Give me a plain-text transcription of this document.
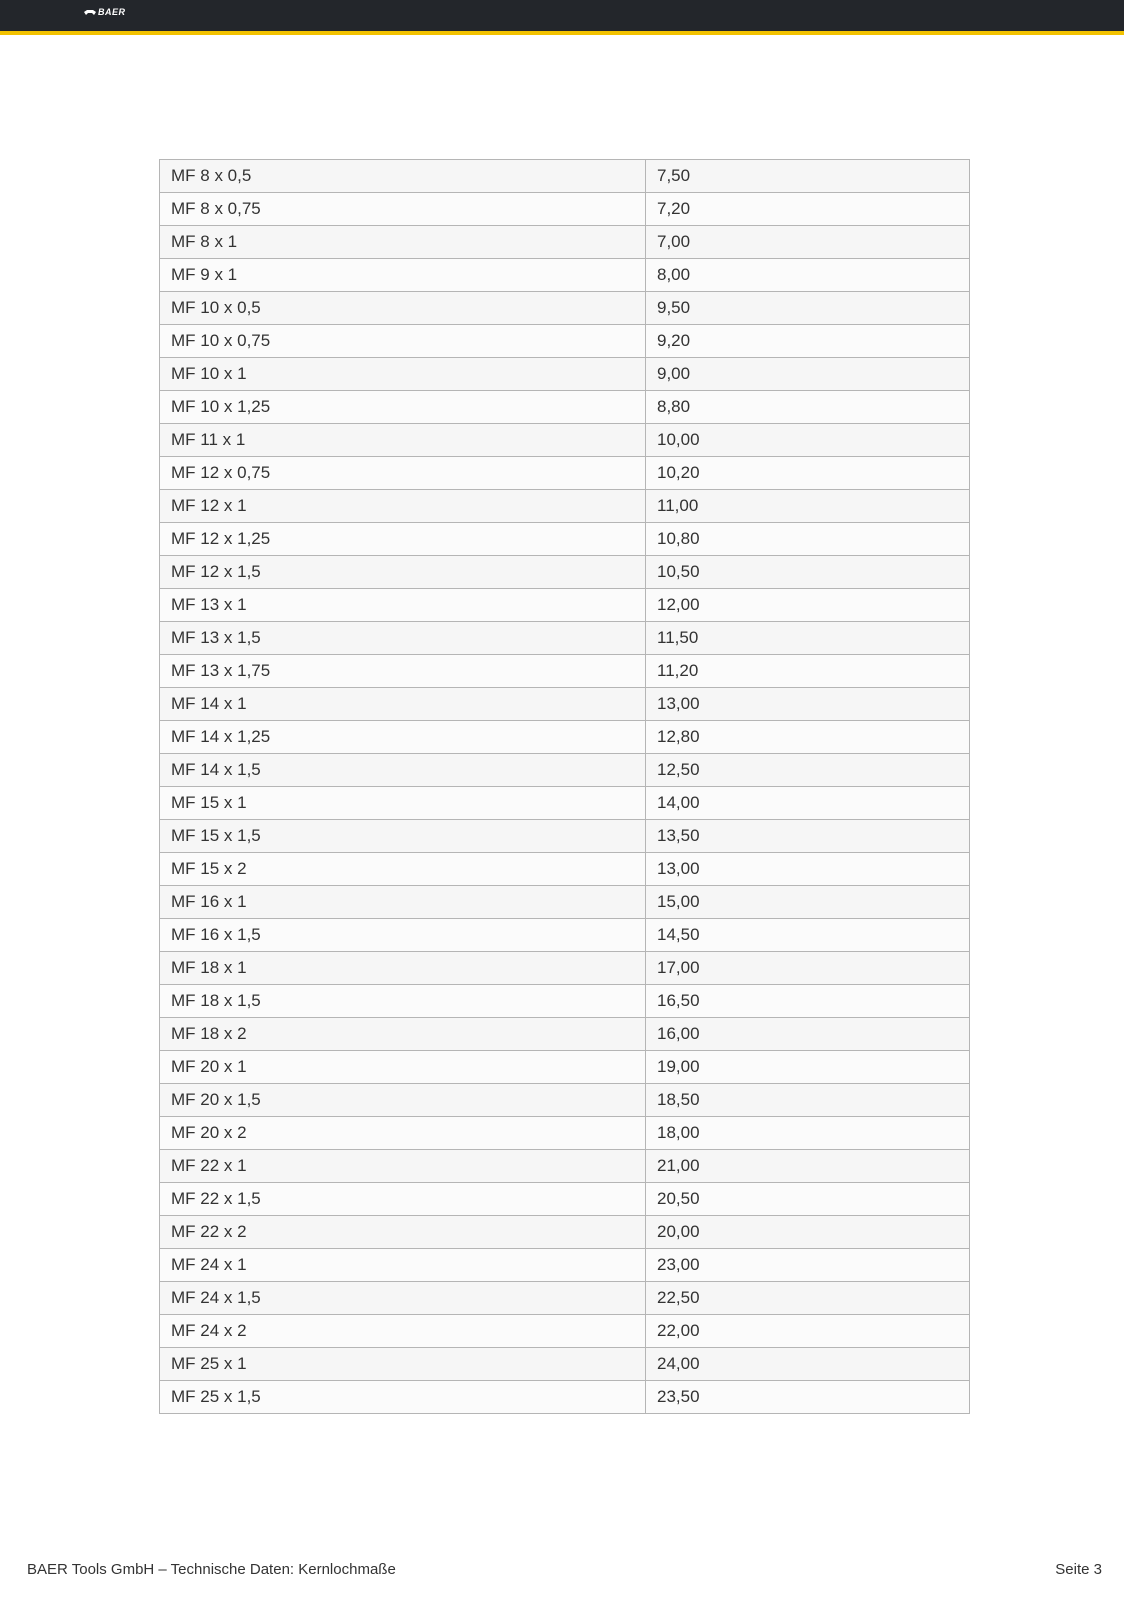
BAER
MF 8 x 0,5	7,50
MF 8 x 0,75	7,20
MF 8 x 1	7,00
MF 9 x 1	8,00
MF 10 x 0,5	9,50
MF 10 x 0,75	9,20
MF 10 x 1	9,00
MF 10 x 1,25	8,80
MF 11 x 1	10,00
MF 12 x 0,75	10,20
MF 12 x 1	11,00
MF 12 x 1,25	10,80
MF 12 x 1,5	10,50
MF 13 x 1	12,00
MF 13 x 1,5	11,50
MF 13 x 1,75	11,20
MF 14 x 1	13,00
MF 14 x 1,25	12,80
MF 14 x 1,5	12,50
MF 15 x 1	14,00
MF 15 x 1,5	13,50
MF 15 x 2	13,00
MF 16 x 1	15,00
MF 16 x 1,5	14,50
MF 18 x 1	17,00
MF 18 x 1,5	16,50
MF 18 x 2	16,00
MF 20 x 1	19,00
MF 20 x 1,5	18,50
MF 20 x 2	18,00
MF 22 x 1	21,00
MF 22 x 1,5	20,50
MF 22 x 2	20,00
MF 24 x 1	23,00
MF 24 x 1,5	22,50
MF 24 x 2	22,00
MF 25 x 1	24,00
MF 25 x 1,5	23,50
BAER Tools GmbH – Technische Daten: Kernlochmaße	Seite 3
